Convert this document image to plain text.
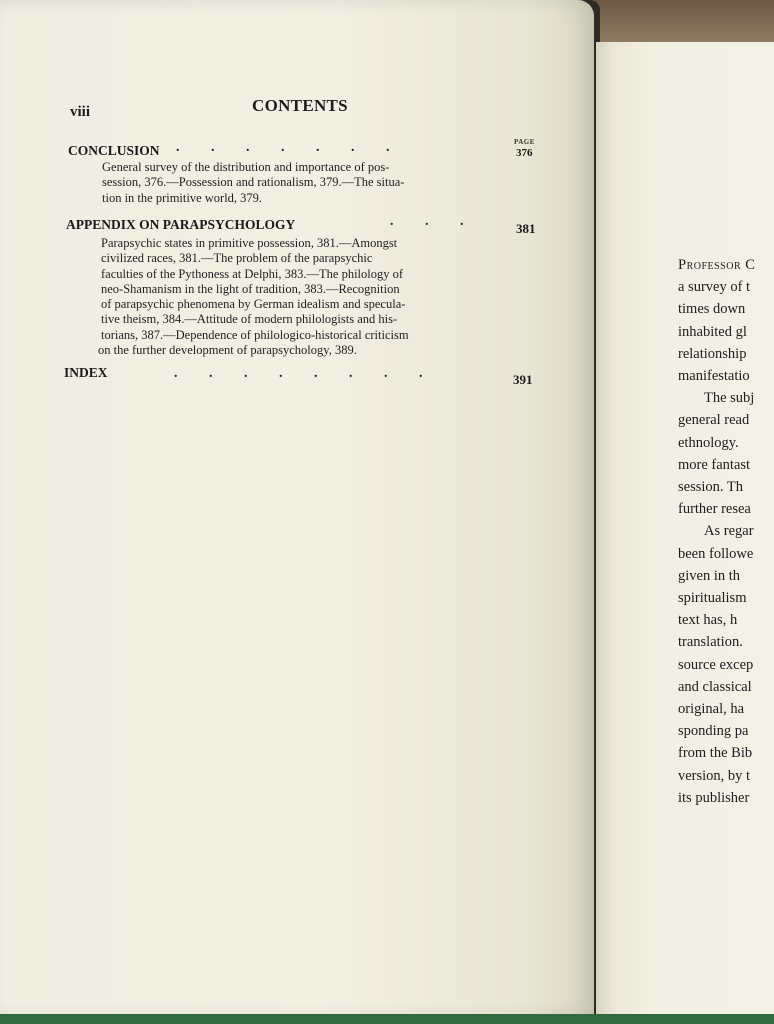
viii	CONTENTS
PAGE
CONCLUSION .         .         .         .         .         .         .	376
General survey of the distribution and importance of pos-
session, 376.—Possession and rationalism, 379.—The situa-
tion in the primitive world, 379.
APPENDIX ON PARAPSYCHOLOGY	.         .         .	381
Parapsychic states in primitive possession, 381.—Amongst
civilized races, 381.—The problem of the parapsychic
faculties of the Pythoness at Delphi, 383.—The philology of
neo-Shamanism in the light of tradition, 383.—Recognition
of parapsychic phenomena by German idealism and specula-
tive theism, 384.—Attitude of modern philologists and his-
torians, 387.—Dependence of philologico-historical criticism
on the further development of parapsychology, 389.
INDEX	.         .         .         .         .         .         .         .	391
Professor C
a survey of t
times down
inhabited gl
relationship
manifestatio
The subj
general read
ethnology.
more fantast
session. Th
further resea
As regar
been followe
given in th
spiritualism
text has, h
translation.
source excep
and classical
original, ha
sponding pa
from the Bib
version, by t
its publisher
